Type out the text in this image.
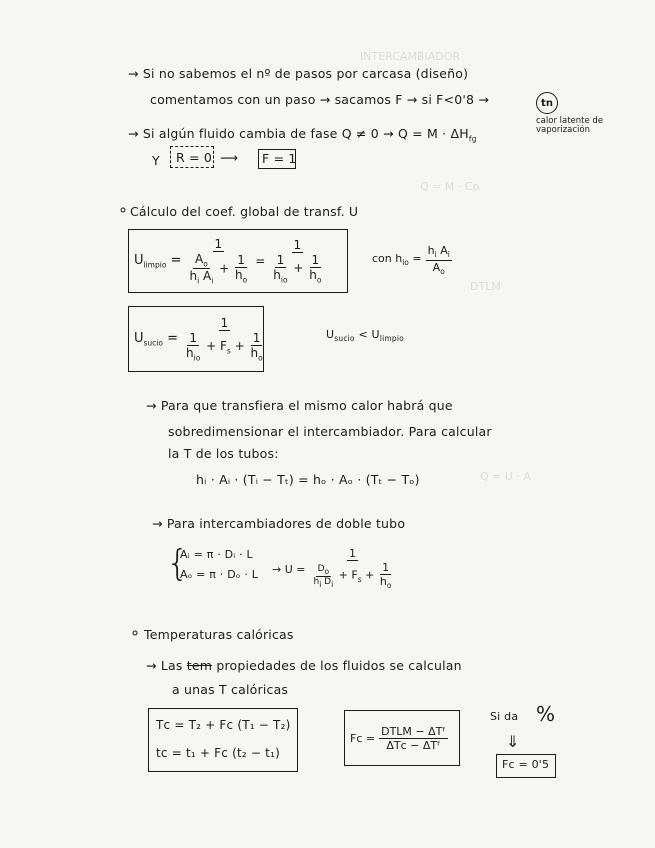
INTERCAMBIADOR
Q = M · Cp
DTLM
Q = U · A
→ Si no sabemos el nº de pasos por carcasa (diseño)
comentamos con un paso → sacamos F → si F<0'8 →	tn
calor latente de vaporización
→ Si algún fluido cambia de fase $Q \ne 0 \to Q = M \cdot \Delta H_{fg}$
Y R = 0 ⟶ F = 1
∘ Cálculo del coef. global de transf. U
$U_{limpio} = \frac{1}{\frac{A_o}{h_i A_i} + \frac{1}{h_o}} = \frac{1}{\frac{1}{h_{io}} + \frac{1}{h_o}}$	con $h_{io} = \frac{h_i A_i}{A_o}$
$U_{sucio} = \frac{1}{\frac{1}{h_{io}} + F_s + \frac{1}{h_o}}$	$U_{sucio} < U_{limpio}$
→ Para que transfiera el mismo calor habrá que
sobredimensionar el intercambiador. Para calcular
la T de los tubos:
hᵢ · Aᵢ · (Tᵢ − Tₜ) = hₒ · Aₒ · (Tₜ − Tₒ)
→ Para intercambiadores de doble tubo
{
Aᵢ = π · Dᵢ · L
$A_o = \pi \cdot D_o \cdot L \to U = \frac{1}{\frac{D_o}{h_i D_i} + F_s + \frac{1}{h_o}}$
∘ Temperaturas calóricas
→ Las tem propiedades de los fluidos se calculan
a unas T calóricas
Tᴄ = T₂ + Fᴄ (T₁ − T₂)
tᴄ = t₁ + Fᴄ (t₂ − t₁)
Fᴄ = $\frac{\text{DTLM − ΔTᶠ}}{\text{ΔTᴄ − ΔTᶠ}}$
Si da %
⇓
Fᴄ = 0'5
